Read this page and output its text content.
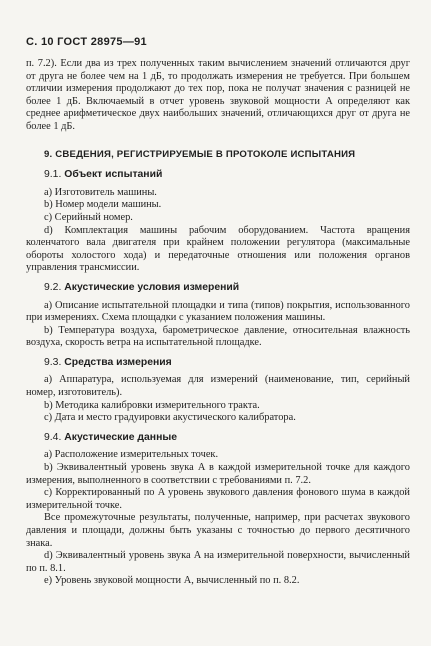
С. 10 ГОСТ 28975—91

п. 7.2). Если два из трех полученных таким вычислением значений отличаются друг от друга не более чем на 1 дБ, то продолжать измерения не требуется. При большем отличии измерения продолжают до тех пор, пока не получат значения с разницей не более 1 дБ. Включаемый в отчет уровень звуковой мощности A определяют как среднее арифметическое двух наибольших значений, отличающихся друг от друга не более 1 дБ.

9. СВЕДЕНИЯ, РЕГИСТРИРУЕМЫЕ В ПРОТОКОЛЕ ИСПЫТАНИЯ
9.1. Объект испытаний

a) Изготовитель машины.

b) Номер модели машины.

c) Серийный номер.

d) Комплектация машины рабочим оборудованием. Частота вращения коленчатого вала двигателя при крайнем положении регулятора (максимальные обороты холостого хода) и передаточные отношения или положения органов управления трансмиссии.

9.2. Акустические условия измерений

a) Описание испытательной площадки и типа (типов) покрытия, использованного при измерениях. Схема площадки с указанием положения машины.

b) Температура воздуха, барометрическое давление, относительная влажность воздуха, скорость ветра на испытательной площадке.

9.3. Средства измерения

a) Аппаратура, используемая для измерений (наименование, тип, серийный номер, изготовитель).

b) Методика калибровки измерительного тракта.

c) Дата и место градуировки акустического калибратора.

9.4. Акустические данные

a) Расположение измерительных точек.

b) Эквивалентный уровень звука A в каждой измерительной точке для каждого измерения, выполненного в соответствии с требованиями п. 7.2.

c) Корректированный по A уровень звукового давления фонового шума в каждой измерительной точке.

Все промежуточные результаты, полученные, например, при расчетах звукового давления и площади, должны быть указаны с точностью до первого десятичного знака.

d) Эквивалентный уровень звука A на измерительной поверхности, вычисленный по п. 8.1.

e) Уровень звуковой мощности A, вычисленный по п. 8.2.
